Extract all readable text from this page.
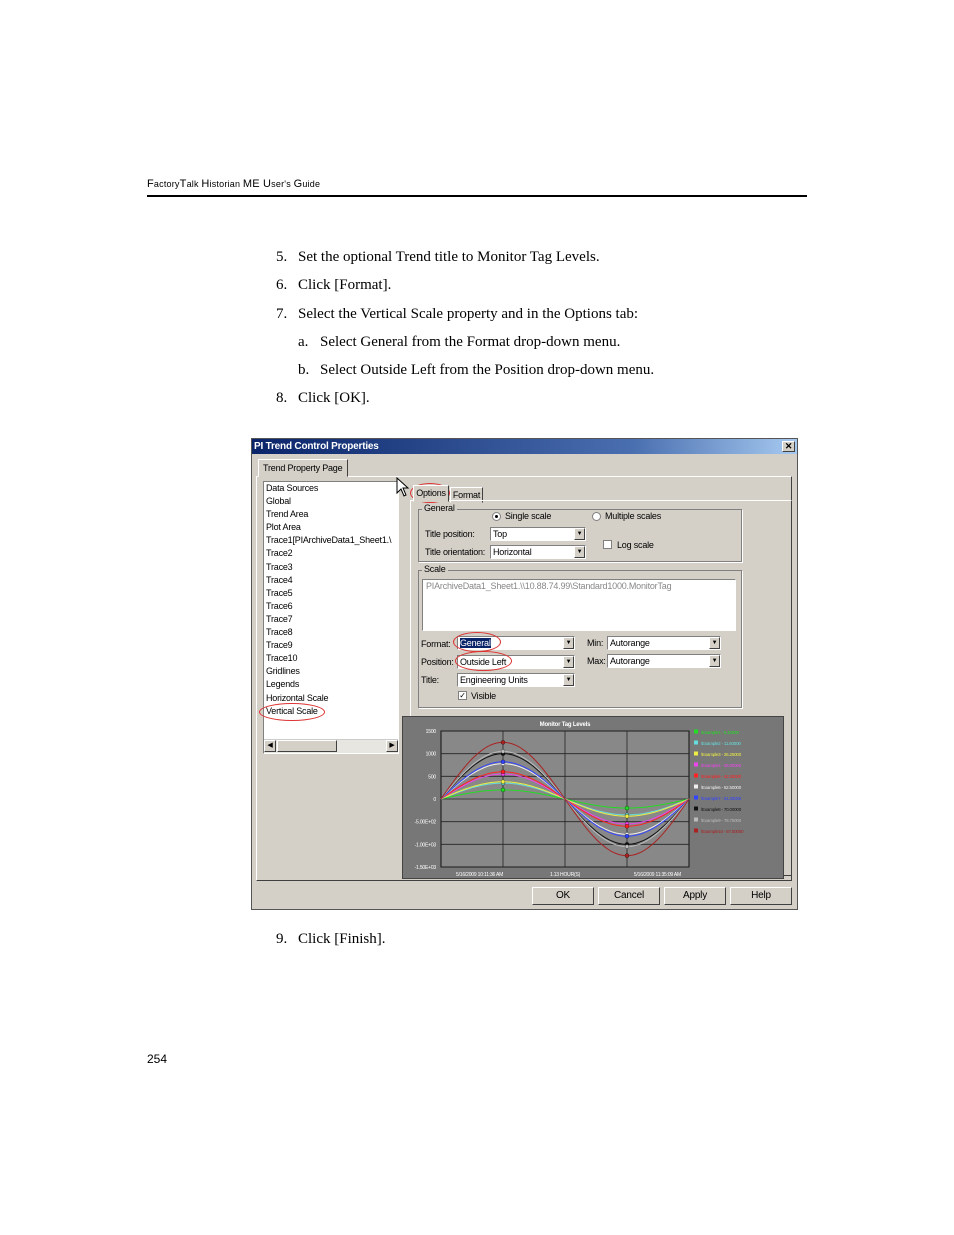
FactoryTalk Historian ME User's Guide
5. Set the optional Trend title to Monitor Tag Levels.
6. Click [Format].
7. Select the Vertical Scale property and in the Options tab:
a. Select General from the Format drop-down menu.
b. Select Outside Left from the Position drop-down menu.
8. Click [OK].
9. Click [Finish].
254
PI Trend Control Properties	✕
Trend Property Page
Data Sources
Global
Trend Area
Plot Area
Trace1[PIArchiveData1_Sheet1.\
Trace2
Trace3
Trace4
Trace5
Trace6
Trace7
Trace8
Trace9
Trace10
Gridlines
Legends
Horizontal Scale
Vertical Scale
◀	▶
Options Format
General
Single scale	Multiple scales
Title position:	Top	▼
Title orientation: Horizontal	▼
Log scale
Scale
PIArchiveData1_Sheet1.\\10.88.74.99\Standard1000.MonitorTag
Format:	General	▼
Position: Outside Left	▼
Title:	Engineering Units	▼
✓ Visible
Min: Autorange	▼
Max: Autorange	▼
Monitor Tag Levels
1500
1000
500
0
-5.00E+02
-1.00E+03
-1.50E+03
5/16/2009 10:11:36 AM	1.13 HOUR(S)	5/16/2009 11:35:09 AM
\Example1 - 5.10000
\Example2 - 11.50000
\Example3 - 26.25000
\Example4 - 35.00000
\Example5 - 42.25000
\Example6 - 52.50000
\Example7 - 61.25000
\Example8 - 70.00000
\Example9 - 78.75000
\Example10 - 87.50000
OK	Cancel	Apply	Help
